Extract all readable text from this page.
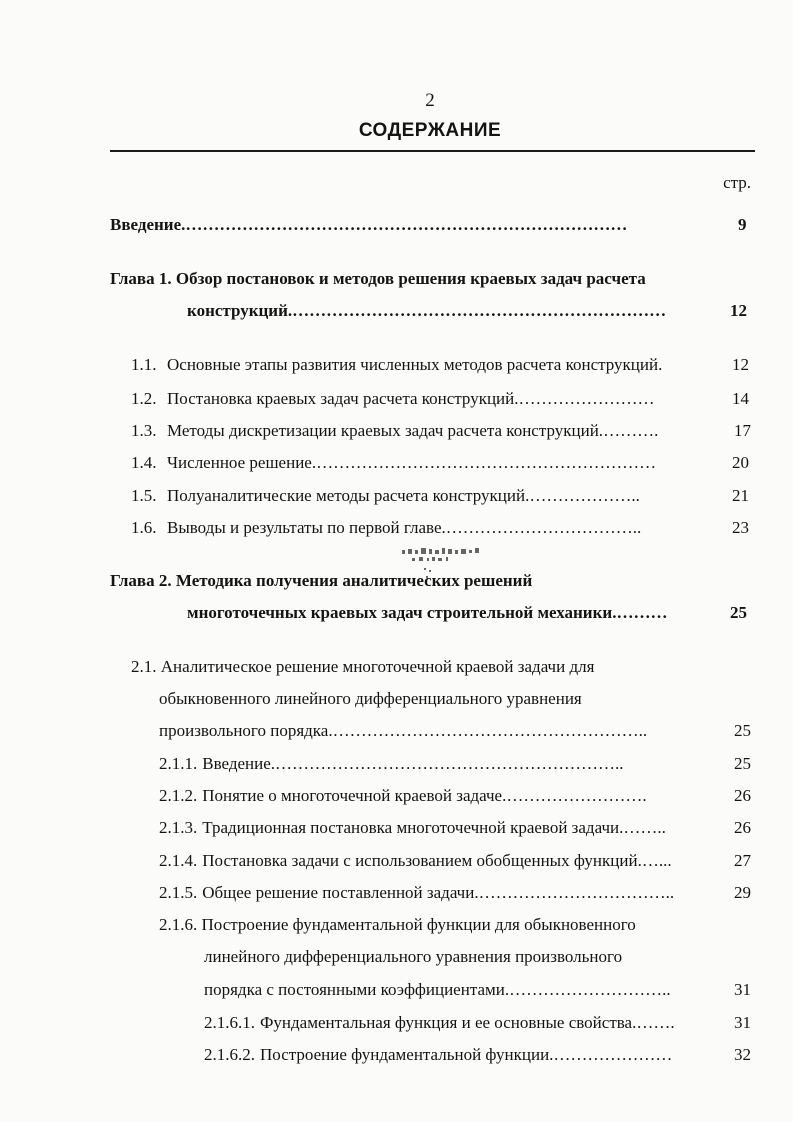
2
СОДЕРЖАНИЕ
стр.
Введение. ……………………………………………………………………	9
Глава 1. Обзор постановок и методов решения краевых задач расчета
конструкций. …………………………………………………………	12
1.1. Основные этапы развития численных методов расчета конструкций.	12
1.2. Постановка краевых задач расчета конструкций. ……………………	14
1.3. Методы дискретизации краевых задач расчета конструкций. ……….	17
1.4. Численное решение. ……………………………………………………	20
1.5. Полуаналитические методы расчета конструкций. ………………..	21
1.6. Выводы и результаты по первой главе. ……………………………..	23
Глава 2. Методика получения аналитических решений
многоточечных краевых задач строительной механики. ………	25
2.1. Аналитическое решение многоточечной краевой задачи для
обыкновенного линейного дифференциального уравнения
произвольного порядка. ………………………………………………..	25
2.1.1. Введение. ……………………………………………………..	25
2.1.2. Понятие о многоточечной краевой задаче. …………………….	26
2.1.3. Традиционная постановка многоточечной краевой задачи. ……..	26
2.1.4. Постановка задачи с использованием обобщенных функций. …...	27
2.1.5. Общее решение поставленной задачи. ……………………………..	29
2.1.6. Построение фундаментальной функции для обыкновенного
линейного дифференциального уравнения произвольного
порядка с постоянными коэффициентами. ………………………..	31
2.1.6.1. Фундаментальная функция и ее основные свойства. …….	31
2.1.6.2. Построение фундаментальной функции. …………………	32
